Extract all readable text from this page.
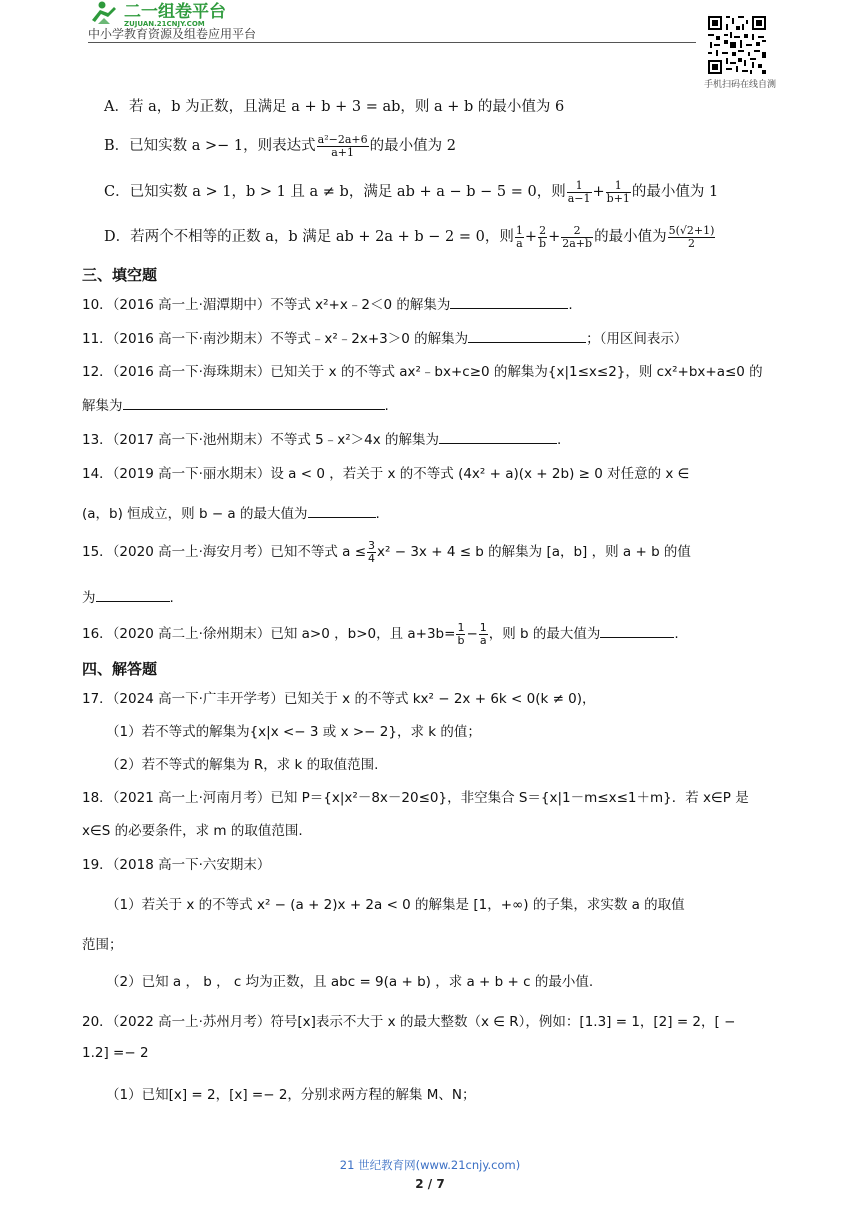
二一组卷平台
ZUJUAN.21CNJY.COM
中小学教育资源及组卷应用平台
手机扫码在线自测
A．若 a，b 为正数，且满足 a + b + 3 = ab，则 a + b 的最小值为 6
B．已知实数 a >− 1，则表达式 $\frac{\text{a²−2a+6}}{a+1}$ 的最小值为 2
C．已知实数 a > 1，b > 1 且 a ≠ b，满足 ab + a − b − 5 = 0，则 $\frac{1}{a-1} + \frac{1}{b+1}$ 的最小值为 1
D．若两个不相等的正数 a，b 满足 ab + 2a + b − 2 = 0，则 $\frac{1}{a} + \frac{2}{b} + \frac{2}{2a+b}$ 的最小值为 $\frac{5(√2+1)}{2}$
三、填空题
10．（2016 高一上·湄潭期中）不等式 x²+x﹣2＜0 的解集为	.
11．（2016 高一下·南沙期末）不等式﹣x²﹣2x+3＞0 的解集为	；（用区间表示）
12．（2016 高一下·海珠期末）已知关于 x 的不等式 ax²﹣bx+c≥0 的解集为{x|1≤x≤2}，则 cx²+bx+a≤0 的
解集为	.
13．（2017 高一下·池州期末）不等式 5﹣x²＞4x 的解集为	.
14．（2019 高一下·丽水期末）设 a < 0 ，若关于 x 的不等式 (4x² + a)(x + 2b) ≥ 0 对任意的 x ∈
(a，b) 恒成立，则 b − a 的最大值为	.
15．（2020 高一上·海安月考）已知不等式 $a \le \frac{3}{4} x^2 - 3x + 4 \le b$ 的解集为 [a，b] ，则 a + b 的值
为	.
16．（2020 高二上·徐州期末）已知 a>0 ，b>0，且 $a+3b= \frac{1}{b} - \frac{1}{a}$ ，则 b 的最大值为	.
四、解答题
17．（2024 高一下·广丰开学考）已知关于 x 的不等式 kx² − 2x + 6k < 0(k ≠ 0)，
（1）若不等式的解集为{x|x <− 3 或 x >− 2}，求 k 的值；
（2）若不等式的解集为 R，求 k 的取值范围.
18．（2021 高一上·河南月考）已知 P＝{x|x²－8x－20≤0}，非空集合 S＝{x|1－m≤x≤1＋m}．若 x∈P 是
x∈S 的必要条件，求 m 的取值范围.
19．（2018 高一下·六安期末）
（1）若关于 x 的不等式 x² − (a + 2)x + 2a < 0 的解集是 [1，+∞) 的子集，求实数 a 的取值
范围；
（2）已知 a ， b ， c 均为正数，且 abc = 9(a + b) ，求 a + b + c 的最小值.
20．（2022 高一上·苏州月考）符号[x]表示不大于 x 的最大整数（x ∈ R），例如：[1.3] = 1，[2] = 2，[ −
1.2] =− 2
（1）已知[x] = 2，[x] =− 2，分别求两方程的解集 M、N；
21 世纪教育网(www.21cnjy.com)
2 / 7
